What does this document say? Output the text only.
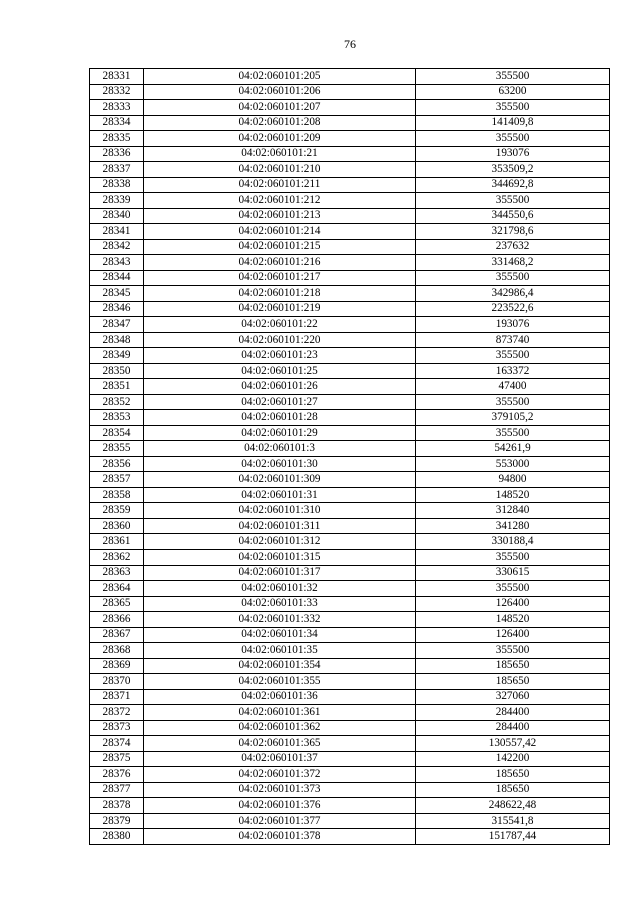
76
28331	04:02:060101:205	355500
28332	04:02:060101:206	63200
28333	04:02:060101:207	355500
28334	04:02:060101:208	141409,8
28335	04:02:060101:209	355500
28336	04:02:060101:21	193076
28337	04:02:060101:210	353509,2
28338	04:02:060101:211	344692,8
28339	04:02:060101:212	355500
28340	04:02:060101:213	344550,6
28341	04:02:060101:214	321798,6
28342	04:02:060101:215	237632
28343	04:02:060101:216	331468,2
28344	04:02:060101:217	355500
28345	04:02:060101:218	342986,4
28346	04:02:060101:219	223522,6
28347	04:02:060101:22	193076
28348	04:02:060101:220	873740
28349	04:02:060101:23	355500
28350	04:02:060101:25	163372
28351	04:02:060101:26	47400
28352	04:02:060101:27	355500
28353	04:02:060101:28	379105,2
28354	04:02:060101:29	355500
28355	04:02:060101:3	54261,9
28356	04:02:060101:30	553000
28357	04:02:060101:309	94800
28358	04:02:060101:31	148520
28359	04:02:060101:310	312840
28360	04:02:060101:311	341280
28361	04:02:060101:312	330188,4
28362	04:02:060101:315	355500
28363	04:02:060101:317	330615
28364	04:02:060101:32	355500
28365	04:02:060101:33	126400
28366	04:02:060101:332	148520
28367	04:02:060101:34	126400
28368	04:02:060101:35	355500
28369	04:02:060101:354	185650
28370	04:02:060101:355	185650
28371	04:02:060101:36	327060
28372	04:02:060101:361	284400
28373	04:02:060101:362	284400
28374	04:02:060101:365	130557,42
28375	04:02:060101:37	142200
28376	04:02:060101:372	185650
28377	04:02:060101:373	185650
28378	04:02:060101:376	248622,48
28379	04:02:060101:377	315541,8
28380	04:02:060101:378	151787,44
